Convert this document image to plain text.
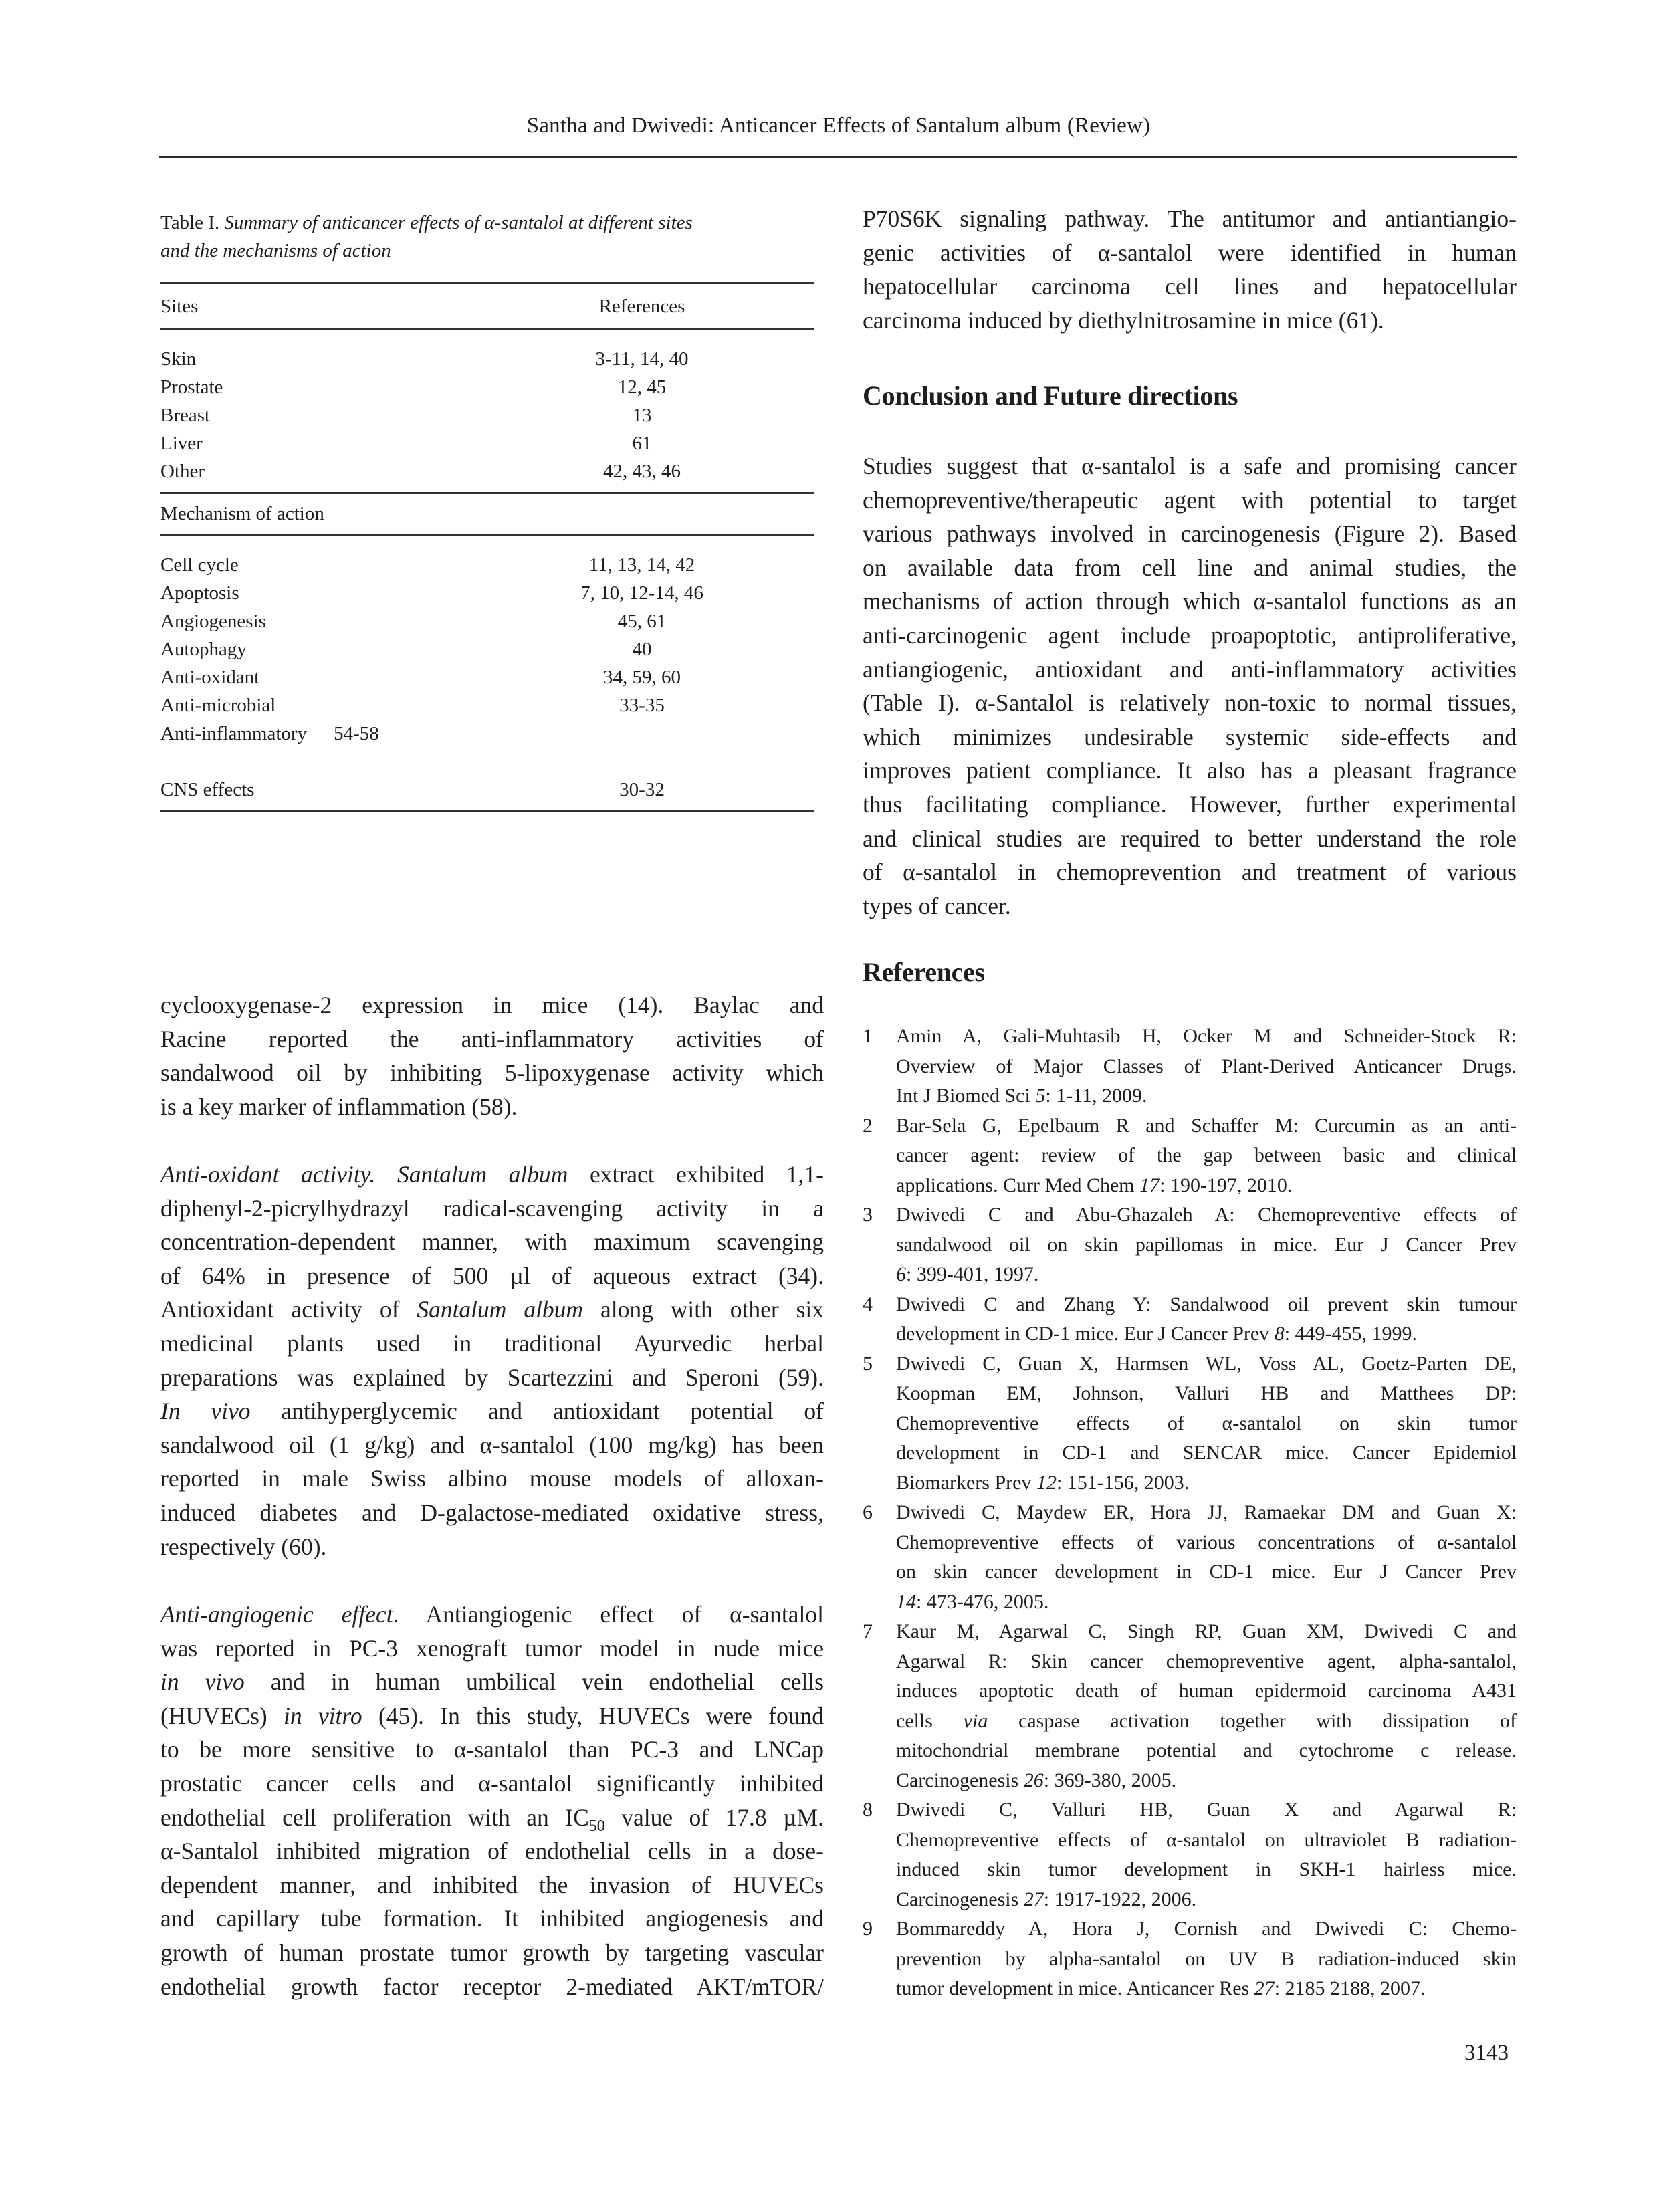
Santha and Dwivedi: Anticancer Effects of Santalum album (Review)
Table I. Summary of anticancer effects of α-santalol at different sites
and the mechanisms of action
Sites	References
Skin	3-11, 14, 40
Prostate	12, 45
Breast	13
Liver	61
Other	42, 43, 46
Mechanism of action
Cell cycle	11, 13, 14, 42
Apoptosis	7, 10, 12-14, 46
Angiogenesis	45, 61
Autophagy	40
Anti-oxidant	34, 59, 60
Anti-microbial	33-35
Anti-inflammatory 54-58
CNS effects	30-32
cyclooxygenase-2 expression in mice (14). Baylac and
Racine reported the anti-inflammatory activities of
sandalwood oil by inhibiting 5-lipoxygenase activity which
is a key marker of inflammation (58).
Anti-oxidant activity. Santalum album extract exhibited 1,1-
diphenyl-2-picrylhydrazyl radical-scavenging activity in a
concentration-dependent manner, with maximum scavenging
of 64% in presence of 500 µl of aqueous extract (34).
Antioxidant activity of Santalum album along with other six
medicinal plants used in traditional Ayurvedic herbal
preparations was explained by Scartezzini and Speroni (59).
In vivo antihyperglycemic and antioxidant potential of
sandalwood oil (1 g/kg) and α-santalol (100 mg/kg) has been
reported in male Swiss albino mouse models of alloxan-
induced diabetes and D-galactose-mediated oxidative stress,
respectively (60).
Anti-angiogenic effect. Antiangiogenic effect of α-santalol
was reported in PC-3 xenograft tumor model in nude mice
in vivo and in human umbilical vein endothelial cells
(HUVECs) in vitro (45). In this study, HUVECs were found
to be more sensitive to α-santalol than PC-3 and LNCap
prostatic cancer cells and α-santalol significantly inhibited
endothelial cell proliferation with an $IC_{50}$ value of 17.8 µM.
α-Santalol inhibited migration of endothelial cells in a dose-
dependent manner, and inhibited the invasion of HUVECs
and capillary tube formation. It inhibited angiogenesis and
growth of human prostate tumor growth by targeting vascular
endothelial growth factor receptor 2-mediated AKT/mTOR/
P70S6K signaling pathway. The antitumor and antiantiangio-
genic activities of α-santalol were identified in human
hepatocellular carcinoma cell lines and hepatocellular
carcinoma induced by diethylnitrosamine in mice (61).
Conclusion and Future directions
Studies suggest that α-santalol is a safe and promising cancer
chemopreventive/therapeutic agent with potential to target
various pathways involved in carcinogenesis (Figure 2). Based
on available data from cell line and animal studies, the
mechanisms of action through which α-santalol functions as an
anti-carcinogenic agent include proapoptotic, antiproliferative,
antiangiogenic, antioxidant and anti-inflammatory activities
(Table I). α-Santalol is relatively non-toxic to normal tissues,
which minimizes undesirable systemic side-effects and
improves patient compliance. It also has a pleasant fragrance
thus facilitating compliance. However, further experimental
and clinical studies are required to better understand the role
of α-santalol in chemoprevention and treatment of various
types of cancer.
References
1	Amin A, Gali-Muhtasib H, Ocker M and Schneider-Stock R:
Overview of Major Classes of Plant-Derived Anticancer Drugs.
Int J Biomed Sci 5: 1-11, 2009.
2	Bar-Sela G, Epelbaum R and Schaffer M: Curcumin as an anti-
cancer agent: review of the gap between basic and clinical
applications. Curr Med Chem 17: 190-197, 2010.
3	Dwivedi C and Abu-Ghazaleh A: Chemopreventive effects of
sandalwood oil on skin papillomas in mice. Eur J Cancer Prev
6: 399-401, 1997.
4	Dwivedi C and Zhang Y: Sandalwood oil prevent skin tumour
development in CD-1 mice. Eur J Cancer Prev 8: 449-455, 1999.
5	Dwivedi C, Guan X, Harmsen WL, Voss AL, Goetz-Parten DE,
Koopman EM, Johnson, Valluri HB and Matthees DP:
Chemopreventive effects of α-santalol on skin tumor
development in CD-1 and SENCAR mice. Cancer Epidemiol
Biomarkers Prev 12: 151-156, 2003.
6	Dwivedi C, Maydew ER, Hora JJ, Ramaekar DM and Guan X:
Chemopreventive effects of various concentrations of α-santalol
on skin cancer development in CD-1 mice. Eur J Cancer Prev
14: 473-476, 2005.
7	Kaur M, Agarwal C, Singh RP, Guan XM, Dwivedi C and
Agarwal R: Skin cancer chemopreventive agent, alpha-santalol,
induces apoptotic death of human epidermoid carcinoma A431
cells via caspase activation together with dissipation of
mitochondrial membrane potential and cytochrome c release.
Carcinogenesis 26: 369-380, 2005.
8	Dwivedi C, Valluri HB, Guan X and Agarwal R:
Chemopreventive effects of α-santalol on ultraviolet B radiation-
induced skin tumor development in SKH-1 hairless mice.
Carcinogenesis 27: 1917-1922, 2006.
9	Bommareddy A, Hora J, Cornish and Dwivedi C: Chemo-
prevention by alpha-santalol on UV B radiation-induced skin
tumor development in mice. Anticancer Res 27: 2185 2188, 2007.
3143
